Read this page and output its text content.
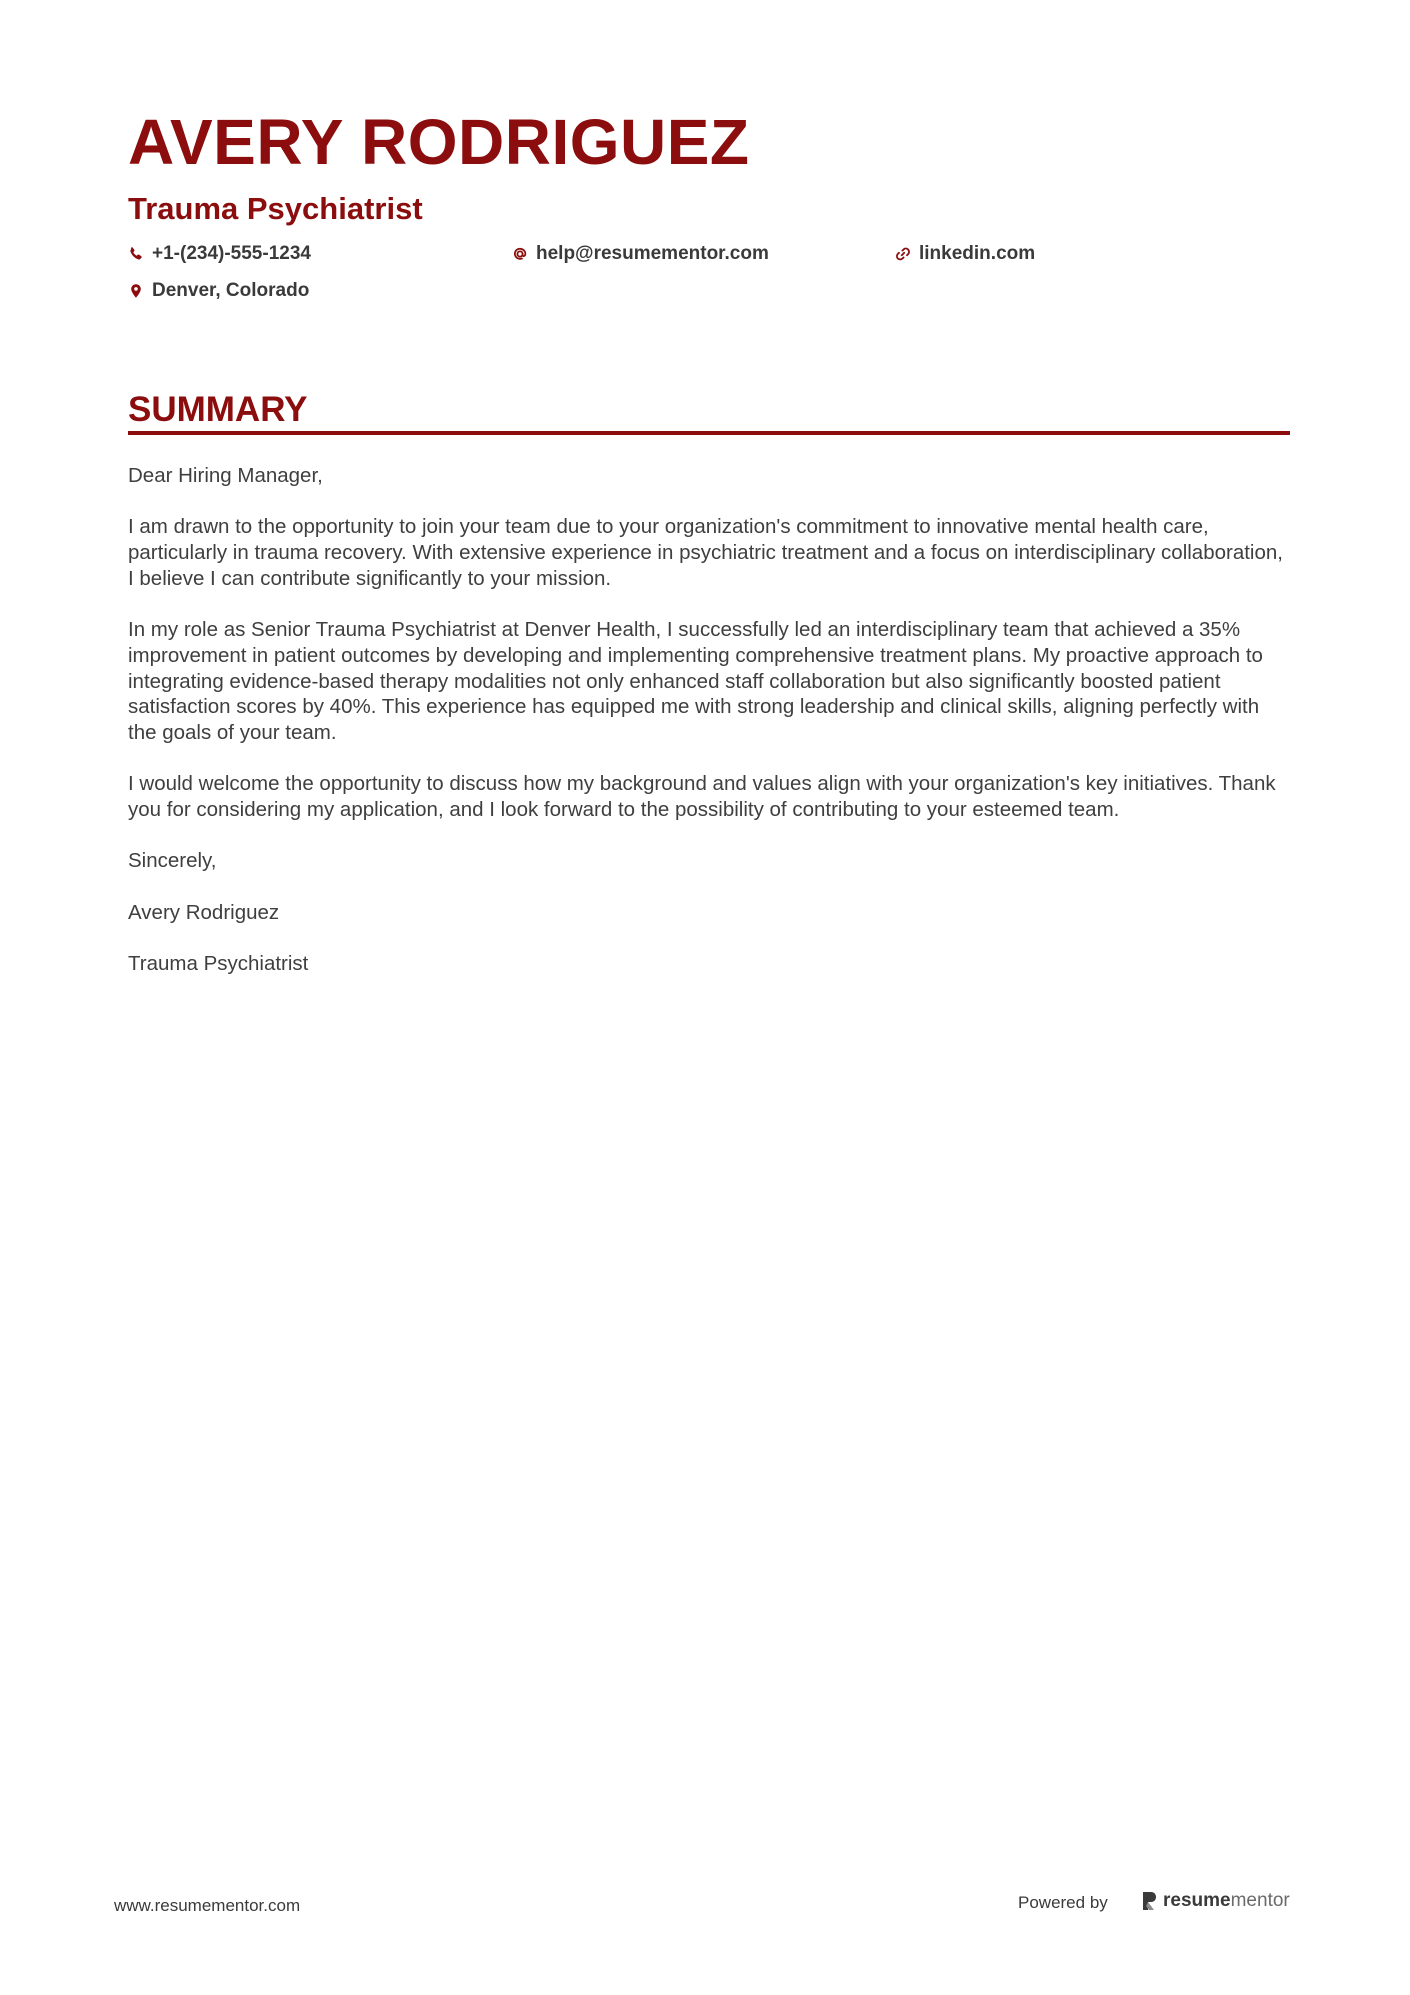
AVERY RODRIGUEZ
Trauma Psychiatrist
+1-(234)-555-1234	help@resumementor.com	linkedin.com
Denver, Colorado
SUMMARY

Dear Hiring Manager,

I am drawn to the opportunity to join your team due to your organization's commitment to innovative mental health care, particularly in trauma recovery. With extensive experience in psychiatric treatment and a focus on interdisciplinary collaboration, I believe I can contribute significantly to your mission.

In my role as Senior Trauma Psychiatrist at Denver Health, I successfully led an interdisciplinary team that achieved a 35% improvement in patient outcomes by developing and implementing comprehensive treatment plans. My proactive approach to integrating evidence-based therapy modalities not only enhanced staff collaboration but also significantly boosted patient satisfaction scores by 40%. This experience has equipped me with strong leadership and clinical skills, aligning perfectly with the goals of your team.

I would welcome the opportunity to discuss how my background and values align with your organization's key initiatives. Thank you for considering my application, and I look forward to the possibility of contributing to your esteemed team.

Sincerely,

Avery Rodriguez

Trauma Psychiatrist

www.resumementor.com	Powered by	resume mentor
